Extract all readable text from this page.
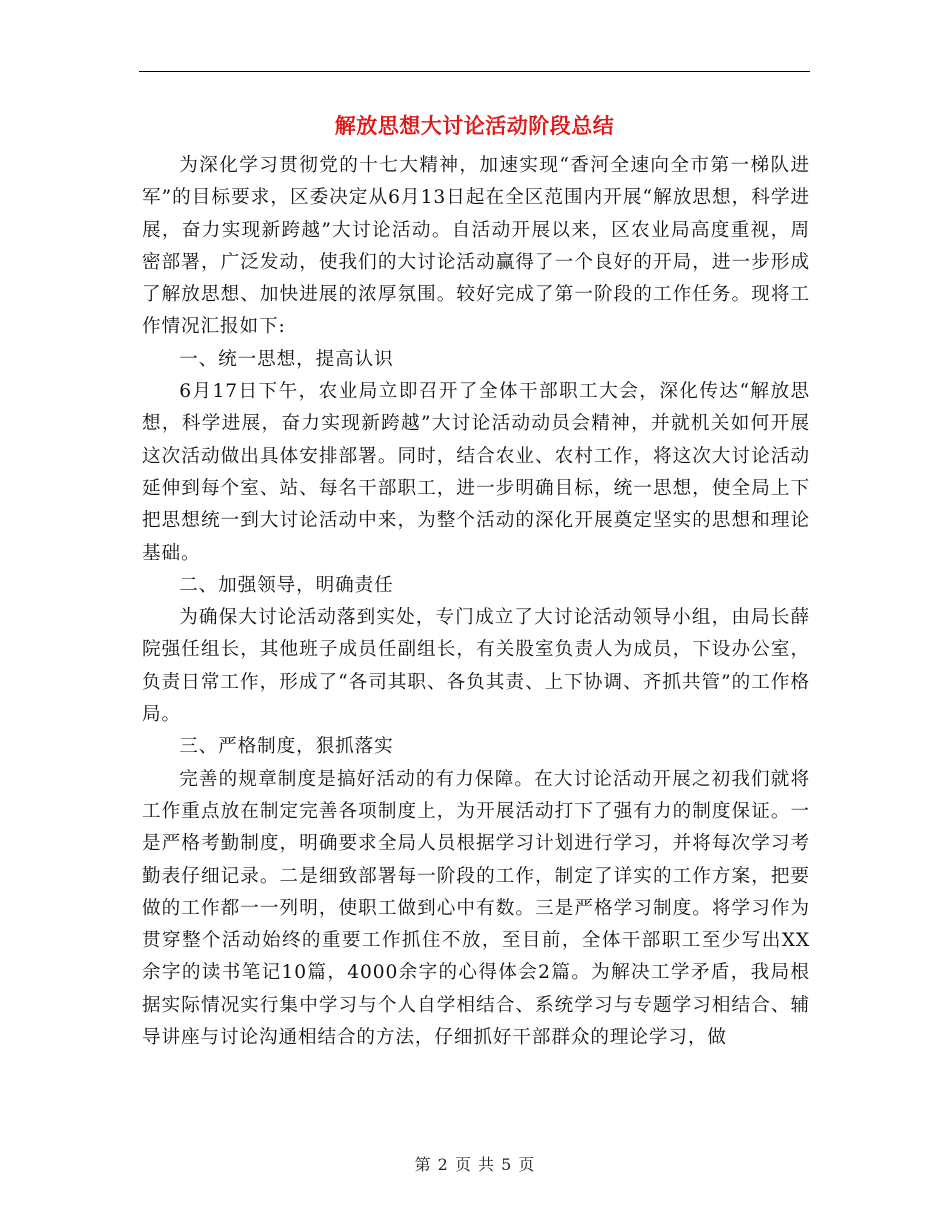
解放思想大讨论活动阶段总结

为深化学习贯彻党的十七大精神，加速实现“香河全速向全市第一梯队进军”的目标要求，区委决定从6月13日起在全区范围内开展“解放思想，科学进展，奋力实现新跨越”大讨论活动。自活动开展以来，区农业局高度重视，周密部署，广泛发动，使我们的大讨论活动赢得了一个良好的开局，进一步形成了解放思想、加快进展的浓厚氛围。较好完成了第一阶段的工作任务。现将工作情况汇报如下:

一、统一思想，提高认识

6月17日下午，农业局立即召开了全体干部职工大会，深化传达“解放思想，科学进展，奋力实现新跨越”大讨论活动动员会精神，并就机关如何开展这次活动做出具体安排部署。同时，结合农业、农村工作，将这次大讨论活动延伸到每个室、站、每名干部职工，进一步明确目标，统一思想，使全局上下把思想统一到大讨论活动中来，为整个活动的深化开展奠定坚实的思想和理论基础。

二、加强领导，明确责任

为确保大讨论活动落到实处，专门成立了大讨论活动领导小组，由局长薛院强任组长，其他班子成员任副组长，有关股室负责人为成员，下设办公室，负责日常工作，形成了“各司其职、各负其责、上下协调、齐抓共管”的工作格局。

三、严格制度，狠抓落实

完善的规章制度是搞好活动的有力保障。在大讨论活动开展之初我们就将工作重点放在制定完善各项制度上，为开展活动打下了强有力的制度保证。一是严格考勤制度，明确要求全局人员根据学习计划进行学习，并将每次学习考勤表仔细记录。二是细致部署每一阶段的工作，制定了详实的工作方案，把要做的工作都一一列明，使职工做到心中有数。三是严格学习制度。将学习作为贯穿整个活动始终的重要工作抓住不放，至目前，全体干部职工至少写出XX余字的读书笔记10篇，4000余字的心得体会2篇。为解决工学矛盾，我局根据实际情况实行集中学习与个人自学相结合、系统学习与专题学习相结合、辅导讲座与讨论沟通相结合的方法，仔细抓好干部群众的理论学习，做

第 2 页 共 5 页
